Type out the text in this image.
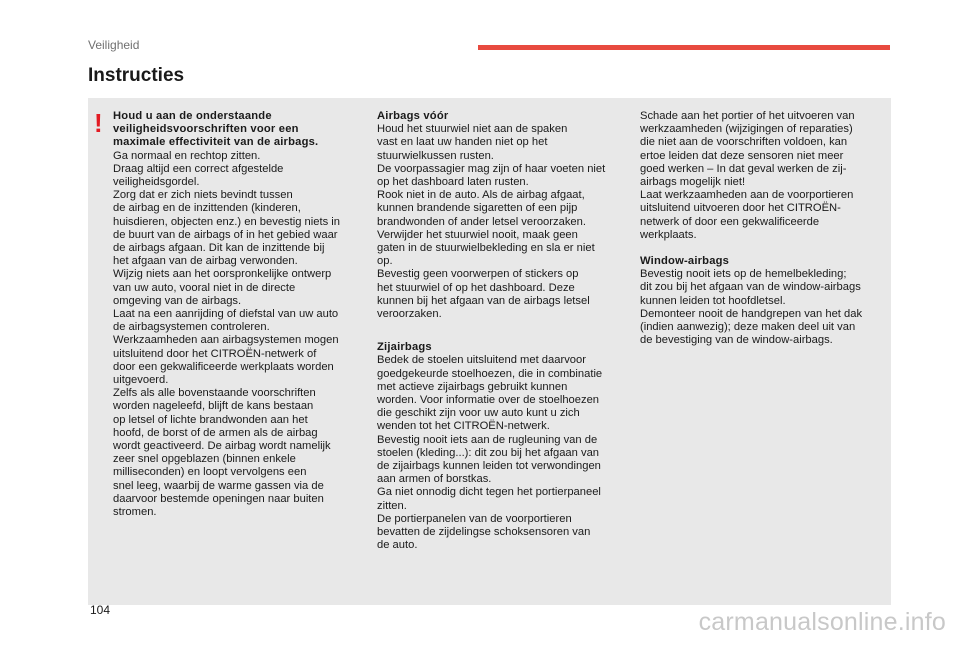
Veiligheid
Instructies
! Houd u aan de onderstaande
veiligheidsvoorschriften voor een
maximale effectiviteit van de airbags.

Ga normaal en rechtop zitten.
Draag altijd een correct afgestelde
veiligheidsgordel.
Zorg dat er zich niets bevindt tussen
de airbag en de inzittenden (kinderen,
huisdieren, objecten enz.) en bevestig niets in
de buurt van de airbags of in het gebied waar
de airbags afgaan. Dit kan de inzittende bij
het afgaan van de airbag verwonden.
Wijzig niets aan het oorspronkelijke ontwerp
van uw auto, vooral niet in de directe
omgeving van de airbags.
Laat na een aanrijding of diefstal van uw auto
de airbagsystemen controleren.
Werkzaamheden aan airbagsystemen mogen
uitsluitend door het CITROËN-netwerk of
door een gekwalificeerde werkplaats worden
uitgevoerd.
Zelfs als alle bovenstaande voorschriften
worden nageleefd, blijft de kans bestaan
op letsel of lichte brandwonden aan het
hoofd, de borst of de armen als de airbag
wordt geactiveerd. De airbag wordt namelijk
zeer snel opgeblazen (binnen enkele
milliseconden) en loopt vervolgens een
snel leeg, waarbij de warme gassen via de
daarvoor bestemde openingen naar buiten
stromen.

Airbags vóór

Houd het stuurwiel niet aan de spaken
vast en laat uw handen niet op het
stuurwielkussen rusten.
De voorpassagier mag zijn of haar voeten niet
op het dashboard laten rusten.
Rook niet in de auto. Als de airbag afgaat,
kunnen brandende sigaretten of een pijp
brandwonden of ander letsel veroorzaken.
Verwijder het stuurwiel nooit, maak geen
gaten in de stuurwielbekleding en sla er niet
op.
Bevestig geen voorwerpen of stickers op
het stuurwiel of op het dashboard. Deze
kunnen bij het afgaan van de airbags letsel
veroorzaken.

Zijairbags

Bedek de stoelen uitsluitend met daarvoor
goedgekeurde stoelhoezen, die in combinatie
met actieve zijairbags gebruikt kunnen
worden. Voor informatie over de stoelhoezen
die geschikt zijn voor uw auto kunt u zich
wenden tot het CITROËN-netwerk.
Bevestig nooit iets aan de rugleuning van de
stoelen (kleding...): dit zou bij het afgaan van
de zijairbags kunnen leiden tot verwondingen
aan armen of borstkas.
Ga niet onnodig dicht tegen het portierpaneel
zitten.
De portierpanelen van de voorportieren
bevatten de zijdelingse schoksensoren van
de auto.

Schade aan het portier of het uitvoeren van
werkzaamheden (wijzigingen of reparaties)
die niet aan de voorschriften voldoen, kan
ertoe leiden dat deze sensoren niet meer
goed werken – In dat geval werken de zij-
airbags mogelijk niet!
Laat werkzaamheden aan de voorportieren
uitsluitend uitvoeren door het CITROËN-
netwerk of door een gekwalificeerde
werkplaats.

Window-airbags

Bevestig nooit iets op de hemelbekleding;
dit zou bij het afgaan van de window-airbags
kunnen leiden tot hoofdletsel.
Demonteer nooit de handgrepen van het dak
(indien aanwezig); deze maken deel uit van
de bevestiging van de window-airbags.

104	carmanualsonline.info
